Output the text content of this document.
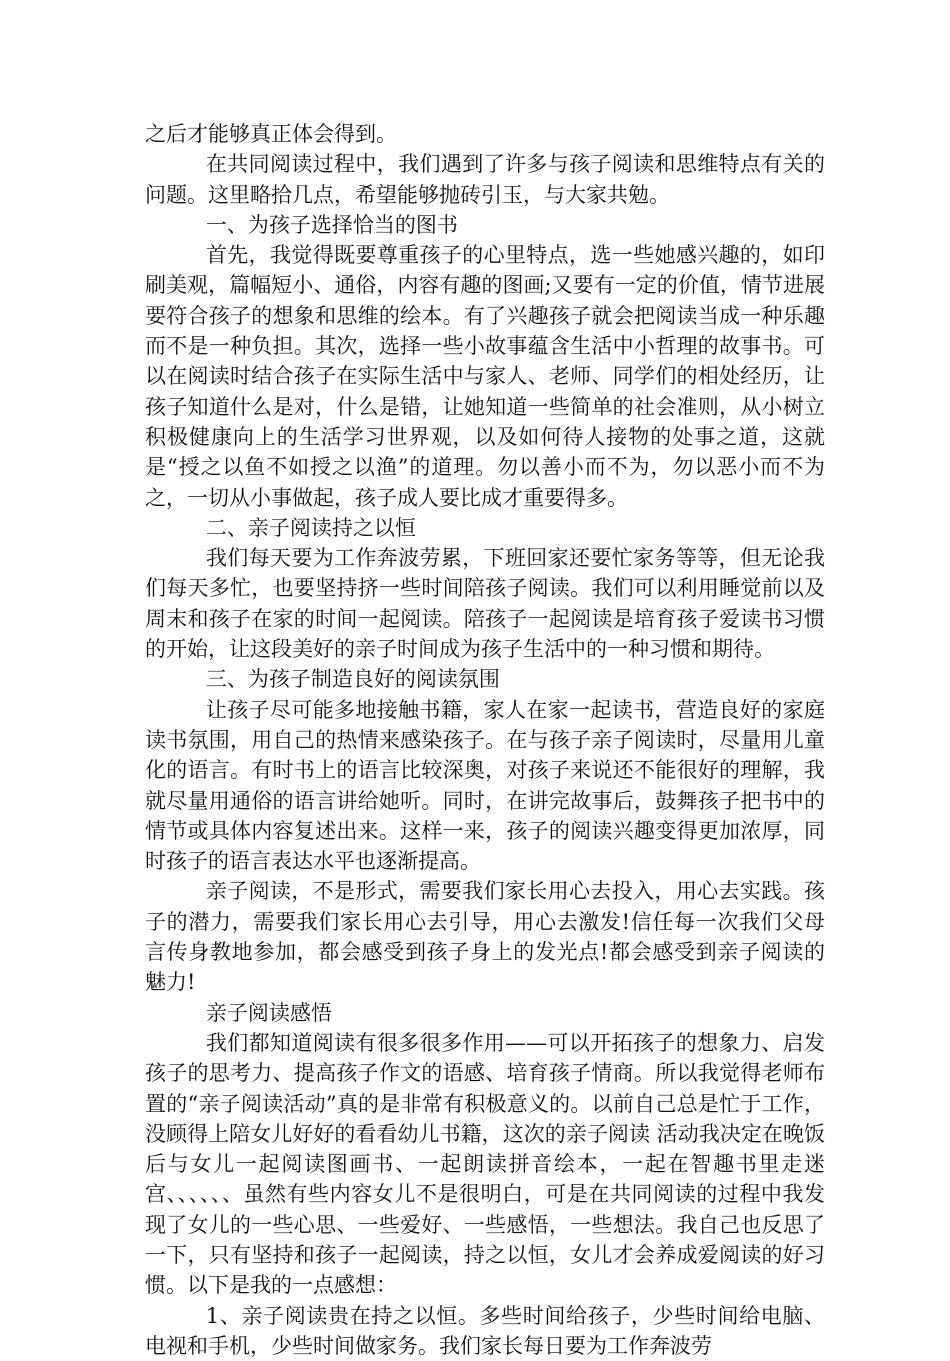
之后才能够真正体会得到。

在共同阅读过程中，我们遇到了许多与孩子阅读和思维特点有关的问题。这里略拾几点，希望能够抛砖引玉，与大家共勉。

一、为孩子选择恰当的图书

首先，我觉得既要尊重孩子的心里特点，选一些她感兴趣的，如印刷美观，篇幅短小、通俗，内容有趣的图画;又要有一定的价值，情节进展要符合孩子的想象和思维的绘本。有了兴趣孩子就会把阅读当成一种乐趣而不是一种负担。其次，选择一些小故事蕴含生活中小哲理的故事书。可以在阅读时结合孩子在实际生活中与家人、老师、同学们的相处经历，让孩子知道什么是对，什么是错，让她知道一些简单的社会准则，从小树立积极健康向上的生活学习世界观，以及如何待人接物的处事之道，这就是“授之以鱼不如授之以渔”的道理。勿以善小而不为，勿以恶小而不为之，一切从小事做起，孩子成人要比成才重要得多。

二、亲子阅读持之以恒

我们每天要为工作奔波劳累，下班回家还要忙家务等等，但无论我们每天多忙，也要坚持挤一些时间陪孩子阅读。我们可以利用睡觉前以及周末和孩子在家的时间一起阅读。陪孩子一起阅读是培育孩子爱读书习惯的开始，让这段美好的亲子时间成为孩子生活中的一种习惯和期待。

三、为孩子制造良好的阅读氛围

让孩子尽可能多地接触书籍，家人在家一起读书，营造良好的家庭读书氛围，用自己的热情来感染孩子。在与孩子亲子阅读时，尽量用儿童化的语言。有时书上的语言比较深奥，对孩子来说还不能很好的理解，我就尽量用通俗的语言讲给她听。同时，在讲完故事后，鼓舞孩子把书中的情节或具体内容复述出来。这样一来，孩子的阅读兴趣变得更加浓厚，同时孩子的语言表达水平也逐渐提高。

亲子阅读，不是形式，需要我们家长用心去投入，用心去实践。孩子的潜力，需要我们家长用心去引导，用心去激发!信任每一次我们父母言传身教地参加，都会感受到孩子身上的发光点!都会感受到亲子阅读的魅力!

亲子阅读感悟

我们都知道阅读有很多很多作用——可以开拓孩子的想象力、启发孩子的思考力、提高孩子作文的语感、培育孩子情商。所以我觉得老师布置的“亲子阅读活动”真的是非常有积极意义的。以前自己总是忙于工作，没顾得上陪女儿好好的看看幼儿书籍，这次的亲子阅读 活动我决定在晚饭后与女儿一起阅读图画书、一起朗读拼音绘本，一起在智趣书里走迷宫、、、、、、虽然有些内容女儿不是很明白，可是在共同阅读的过程中我发现了女儿的一些心思、一些爱好、一些感悟，一些想法。我自己也反思了一下，只有坚持和孩子一起阅读，持之以恒，女儿才会养成爱阅读的好习惯。以下是我的一点感想：

1、亲子阅读贵在持之以恒。多些时间给孩子，少些时间给电脑、电视和手机，少些时间做家务。我们家长每日要为工作奔波劳
